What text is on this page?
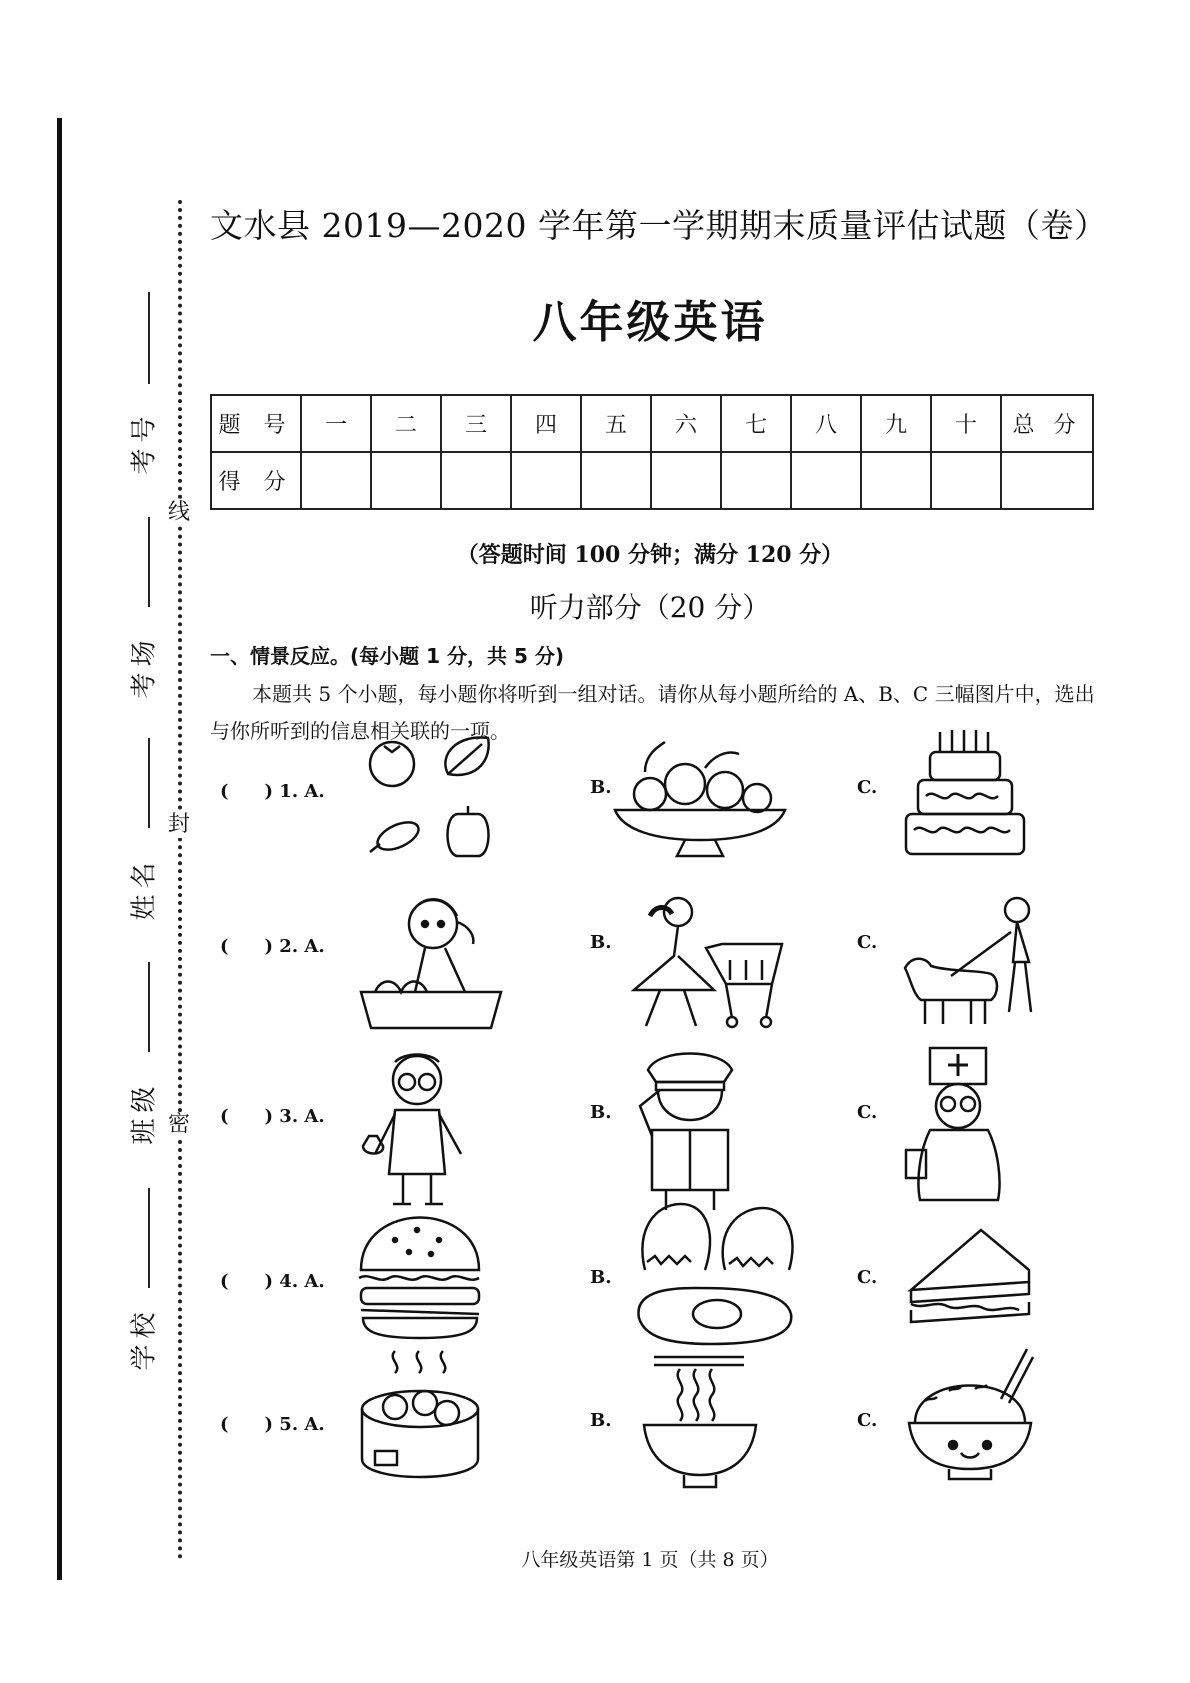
线
封
密
考号
考场
姓名
班级
学校
文水县 2019—2020 学年第一学期期末质量评估试题（卷）
八年级英语
题 号	一	二	三	四	五	六	七	八	九	十	总 分
得 分											
（答题时间 100 分钟；满分 120 分）
听力部分（20 分）
一、情景反应。(每小题 1 分，共 5 分)
本题共 5 个小题，每小题你将听到一组对话。请你从每小题所给的 A、B、C 三幅图片中，选出与你所听到的信息相关联的一项。
(　　) 1. A.	B.	C.
(　　) 2. A.	B.	C.
(　　) 3. A.	B.	C.
(　　) 4. A.	B.	C.
(　　) 5. A.	B.	C.
八年级英语第 1 页（共 8 页）
